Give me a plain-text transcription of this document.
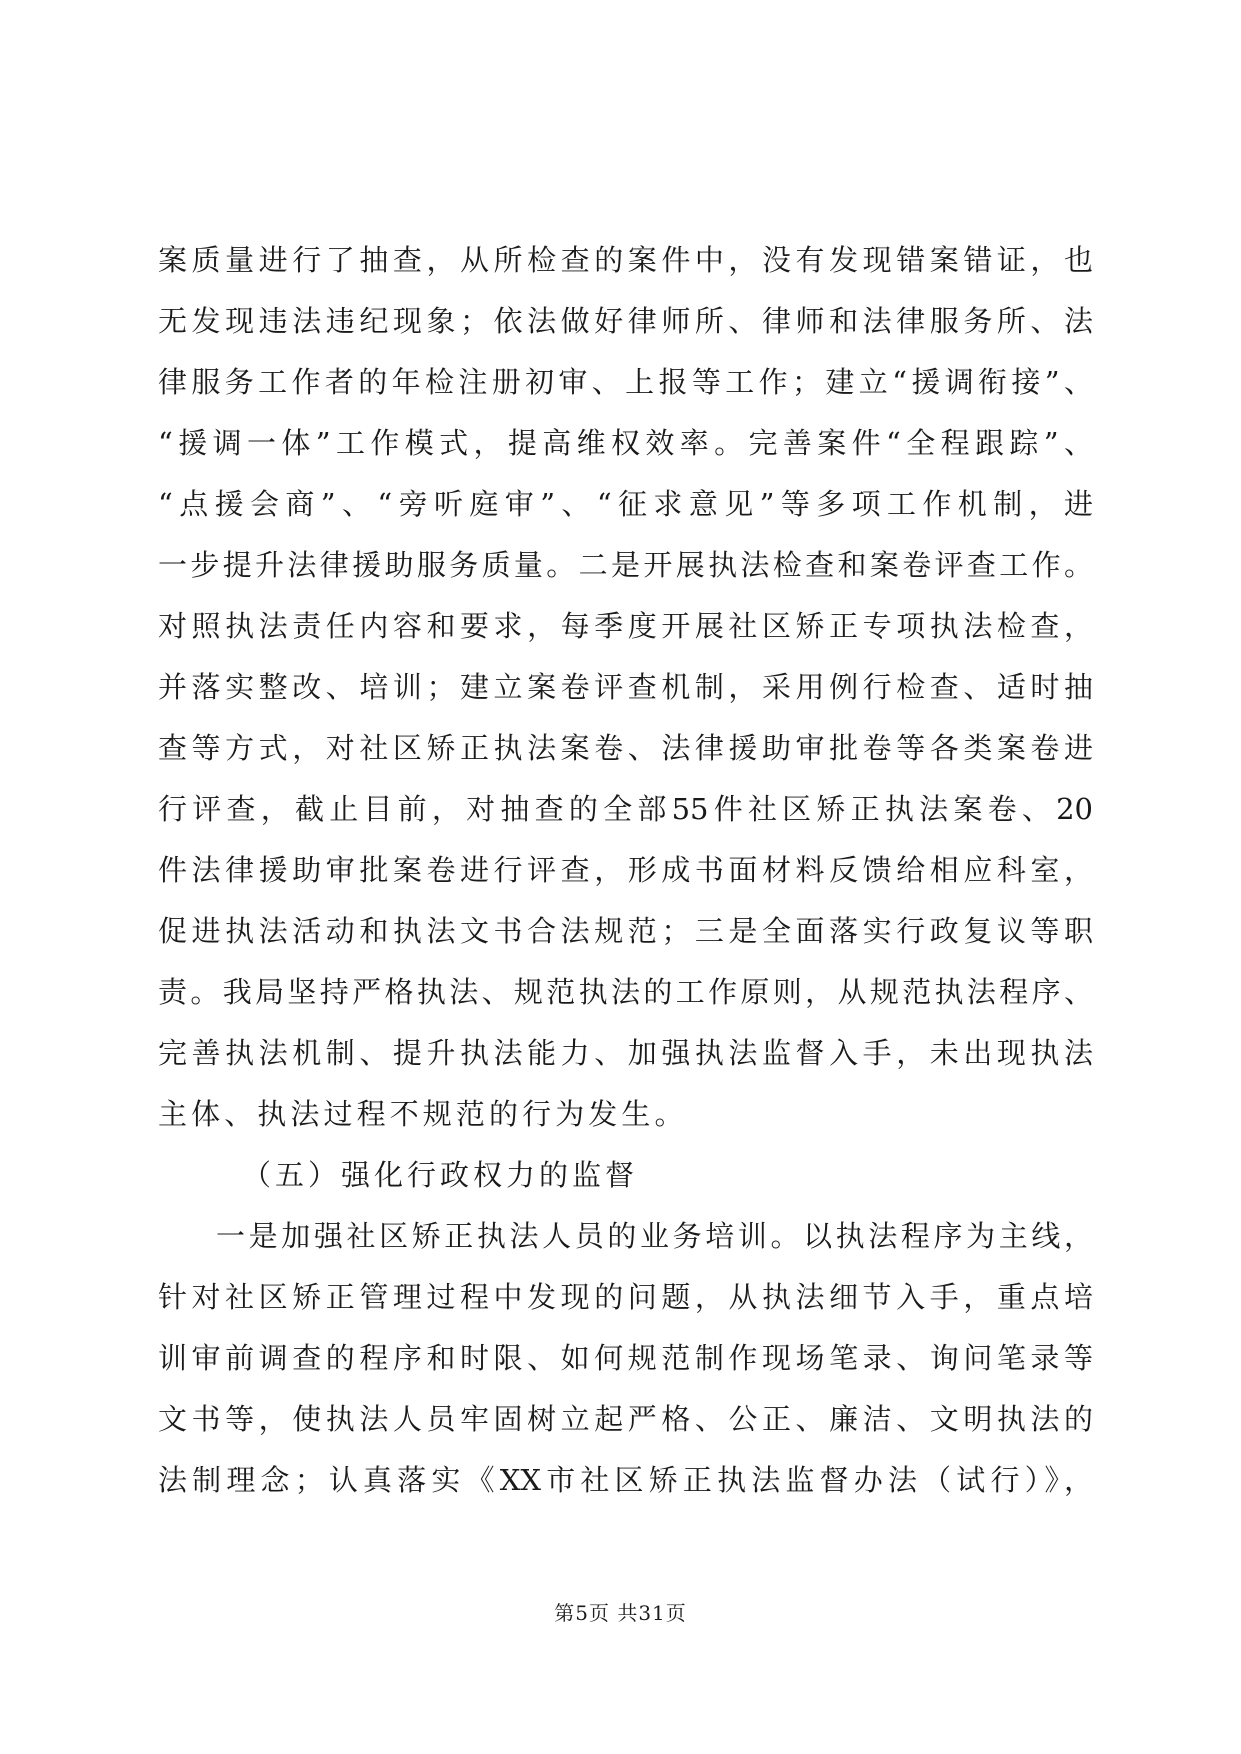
案质量进行了抽查，从所检查的案件中，没有发现错案错证，也
无发现违法违纪现象；依法做好律师所、律师和法律服务所、法
律服务工作者的年检注册初审、上报等工作；建立“援调衔接”、
“援调一体”工作模式，提高维权效率。完善案件“全程跟踪”、
“点援会商”、“旁听庭审”、“征求意见”等多项工作机制，进
一步提升法律援助服务质量。二是开展执法检查和案卷评查工作。
对照执法责任内容和要求，每季度开展社区矫正专项执法检查，
并落实整改、培训；建立案卷评查机制，采用例行检查、适时抽
查等方式，对社区矫正执法案卷、法律援助审批卷等各类案卷进
行评查，截止目前，对抽查的全部55件社区矫正执法案卷、20
件法律援助审批案卷进行评查，形成书面材料反馈给相应科室，
促进执法活动和执法文书合法规范；三是全面落实行政复议等职
责。我局坚持严格执法、规范执法的工作原则，从规范执法程序、
完善执法机制、提升执法能力、加强执法监督入手，未出现执法
主体、执法过程不规范的行为发生。
（五）强化行政权力的监督
一是加强社区矫正执法人员的业务培训。以执法程序为主线，
针对社区矫正管理过程中发现的问题，从执法细节入手，重点培
训审前调查的程序和时限、如何规范制作现场笔录、询问笔录等
文书等，使执法人员牢固树立起严格、公正、廉洁、文明执法的
法制理念；认真落实《XX市社区矫正执法监督办法（试行）》，
第5页 共31页
